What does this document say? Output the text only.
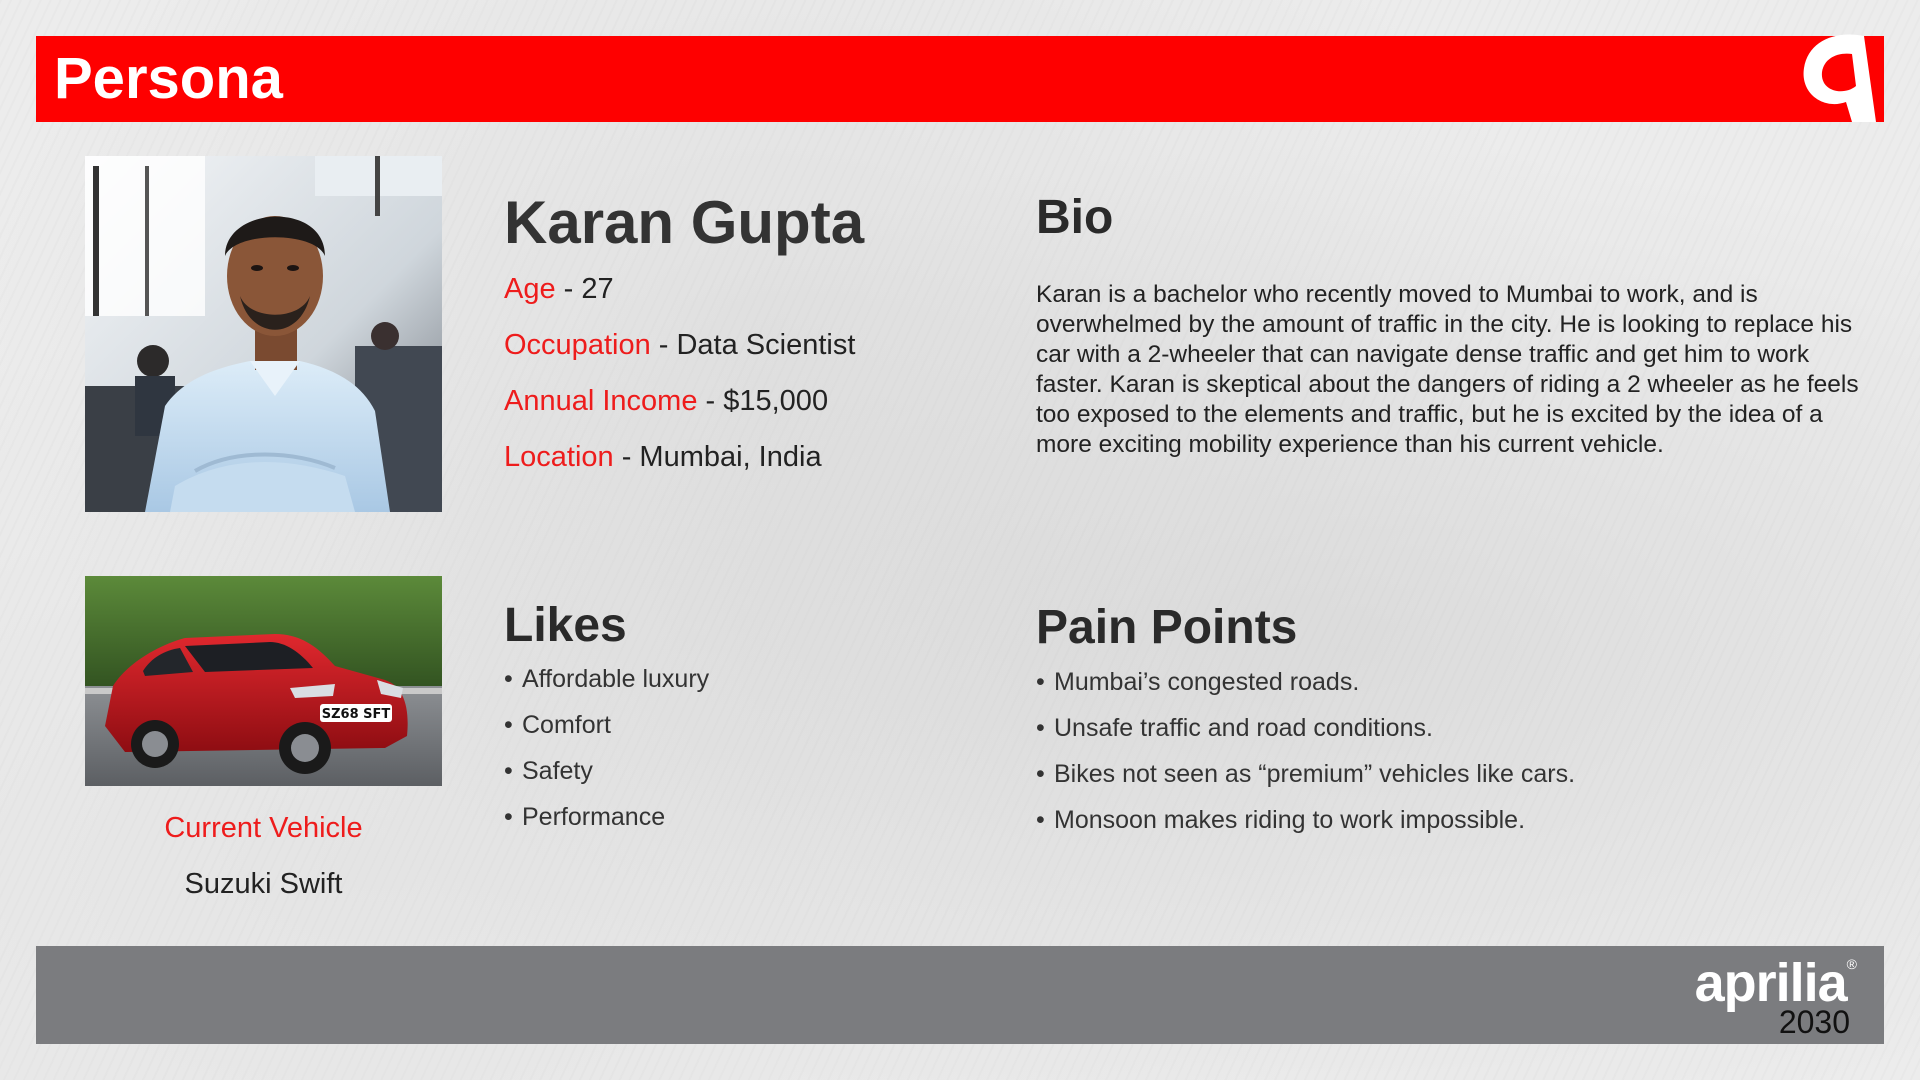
Persona
SZ68 SFT
Current Vehicle
Suzuki Swift
Karan Gupta
Age - 27
Occupation - Data Scientist
Annual Income - $15,000
Location - Mumbai, India
Bio
Karan is a bachelor who recently moved to Mumbai to work, and is overwhelmed by the amount of traffic in the city. He is looking to replace his car with a 2-wheeler that can navigate dense traffic and get him to work faster. Karan is skeptical about the dangers of riding a 2 wheeler as he feels too exposed to the elements and traffic, but he is excited by the idea of a more exciting mobility experience than his current vehicle.
Likes
• Affordable luxury
• Comfort
• Safety
• Performance
Pain Points
• Mumbai’s congested roads.
• Unsafe traffic and road conditions.
• Bikes not seen as “premium” vehicles like cars.
• Monsoon makes riding to work impossible.
aprilia®
2030
